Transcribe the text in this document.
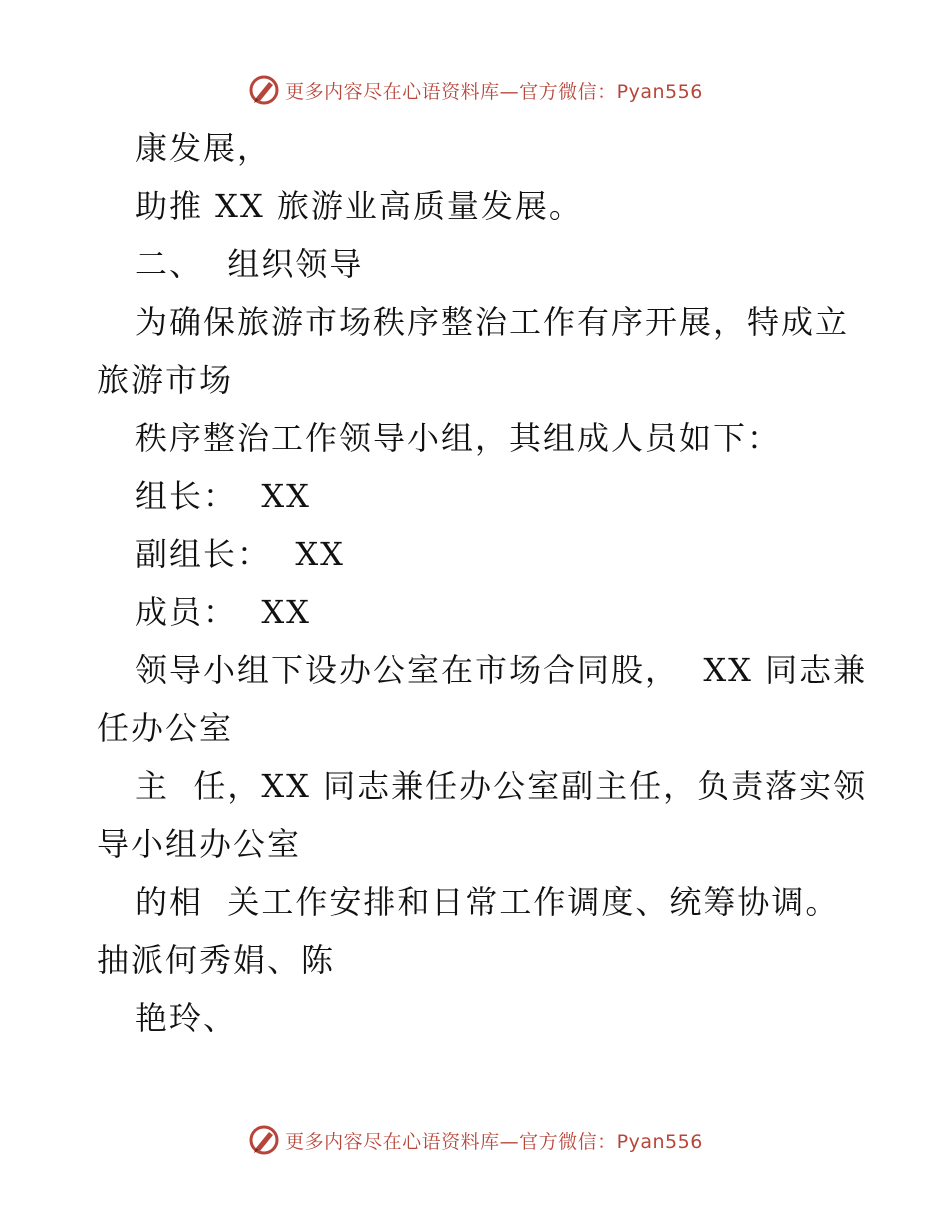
更多内容尽在心语资料库—官方微信：Pyan556
康发展，
助推 XX 旅游业高质量发展。
二、  组织领导
为确保旅游市场秩序整治工作有序开展，特成立
旅游市场
秩序整治工作领导小组，其组成人员如下：
组长：  XX
副组长：  XX
成员：  XX
领导小组下设办公室在市场合同股，  XX 同志兼
任办公室
主  任，XX 同志兼任办公室副主任，负责落实领
导小组办公室
的相  关工作安排和日常工作调度、统筹协调。
抽派何秀娟、陈
艳玲、
更多内容尽在心语资料库—官方微信：Pyan556
